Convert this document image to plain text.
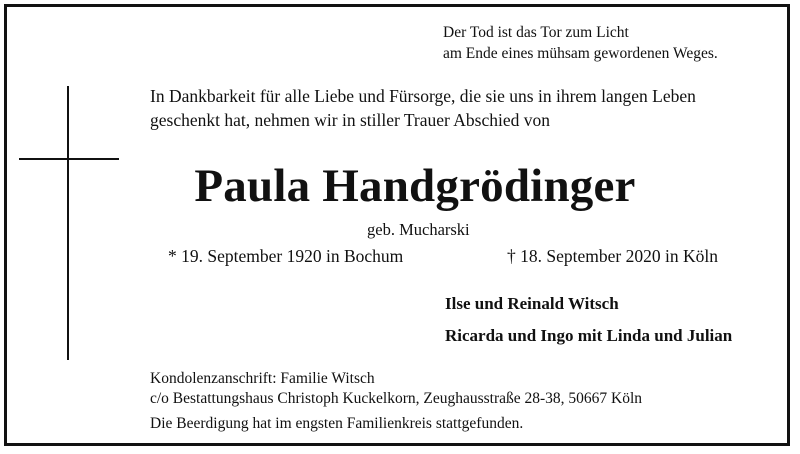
Der Tod ist das Tor zum Licht
am Ende eines mühsam gewordenen Weges.
In Dankbarkeit für alle Liebe und Fürsorge, die sie uns in ihrem langen Leben
geschenkt hat, nehmen wir in stiller Trauer Abschied von
Paula Handgrödinger
geb. Mucharski
* 19. September 1920 in Bochum	† 18. September 2020 in Köln
Ilse und Reinald Witsch
Ricarda und Ingo mit Linda und Julian
Kondolenzanschrift: Familie Witsch
c/o Bestattungshaus Christoph Kuckelkorn, Zeughausstraße 28-38, 50667 Köln
Die Beerdigung hat im engsten Familienkreis stattgefunden.
